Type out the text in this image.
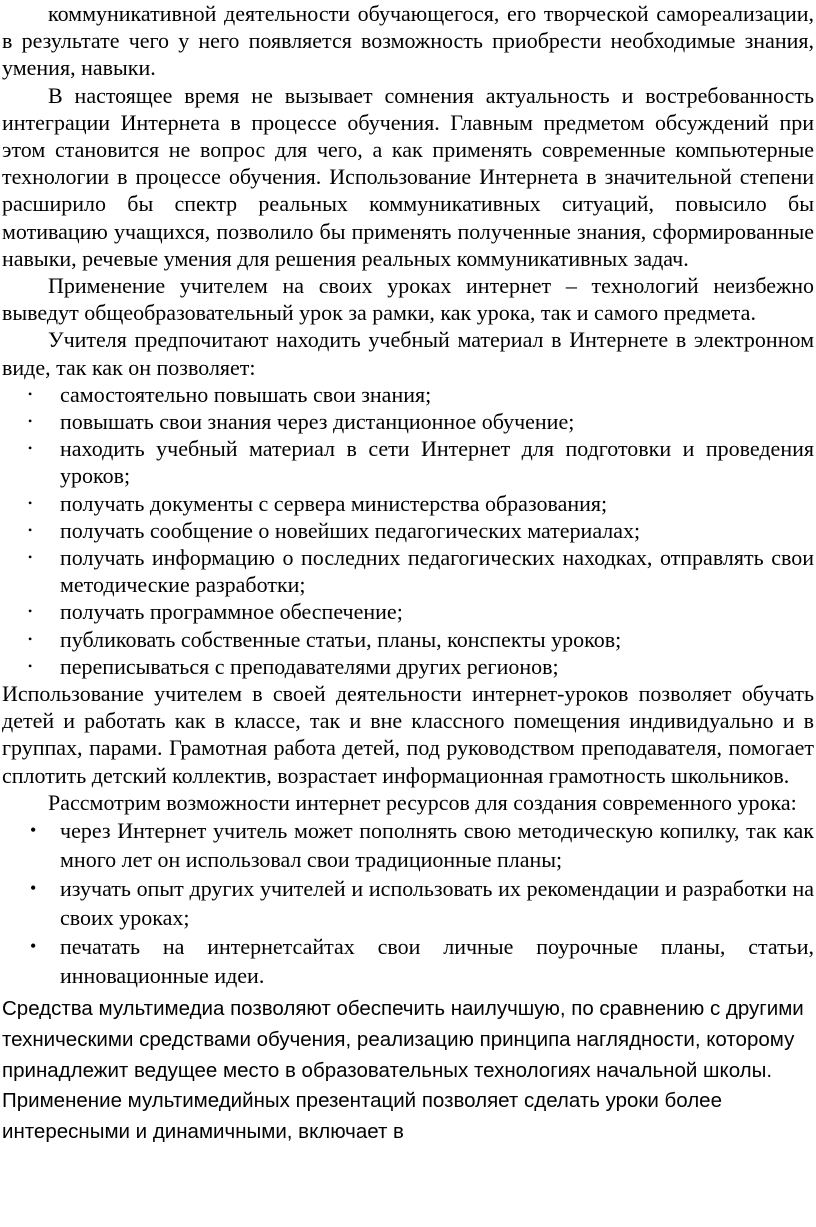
коммуникативной деятельности обучающегося, его творческой самореализации, в результате чего у него появляется возможность приобрести необходимые знания, умения, навыки.

В настоящее время не вызывает сомнения актуальность и востребованность интеграции Интернета в процессе обучения. Главным предметом обсуждений при этом становится не вопрос для чего, а как применять современные компьютерные технологии в процессе обучения. Использование Интернета в значительной степени расширило бы спектр реальных коммуникативных ситуаций, повысило бы мотивацию учащихся, позволило бы применять полученные знания, сформированные навыки, речевые умения для решения реальных коммуникативных задач.

Применение учителем на своих уроках интернет – технологий неизбежно выведут общеобразовательный урок за рамки, как урока, так и самого предмета.

Учителя предпочитают находить учебный материал в Интернете в электронном виде, так как он позволяет:

• самостоятельно повышать свои знания;
• повышать свои знания через дистанционное обучение;
• находить учебный материал в сети Интернет для подготовки и проведения уроков;
• получать документы с сервера министерства образования;
• получать сообщение о новейших педагогических материалах;
• получать информацию о последних педагогических находках, отправлять свои методические разработки;
• получать программное обеспечение;
• публиковать собственные статьи, планы, конспекты уроков;
• переписываться с преподавателями других регионов;

Использование учителем в своей деятельности интернет-уроков позволяет обучать детей и работать как в классе, так и вне классного помещения индивидуально и в группах, парами. Грамотная работа детей, под руководством преподавателя, помогает сплотить детский коллектив, возрастает информационная грамотность школьников.

Рассмотрим возможности интернет ресурсов для создания современного урока:

• через Интернет учитель может пополнять свою методическую копилку, так как много лет он использовал свои традиционные планы;
• изучать опыт других учителей и использовать их рекомендации и разработки на своих уроках;
• печатать на интернетсайтах свои личные поурочные планы, статьи, инновационные идеи.

Средства мультимедиа позволяют обеспечить наилучшую, по сравнению с другими техническими средствами обучения, реализацию принципа наглядности, которому принадлежит ведущее место в образовательных технологиях начальной школы. Применение мультимедийных презентаций позволяет сделать уроки более интересными и динамичными, включает в
